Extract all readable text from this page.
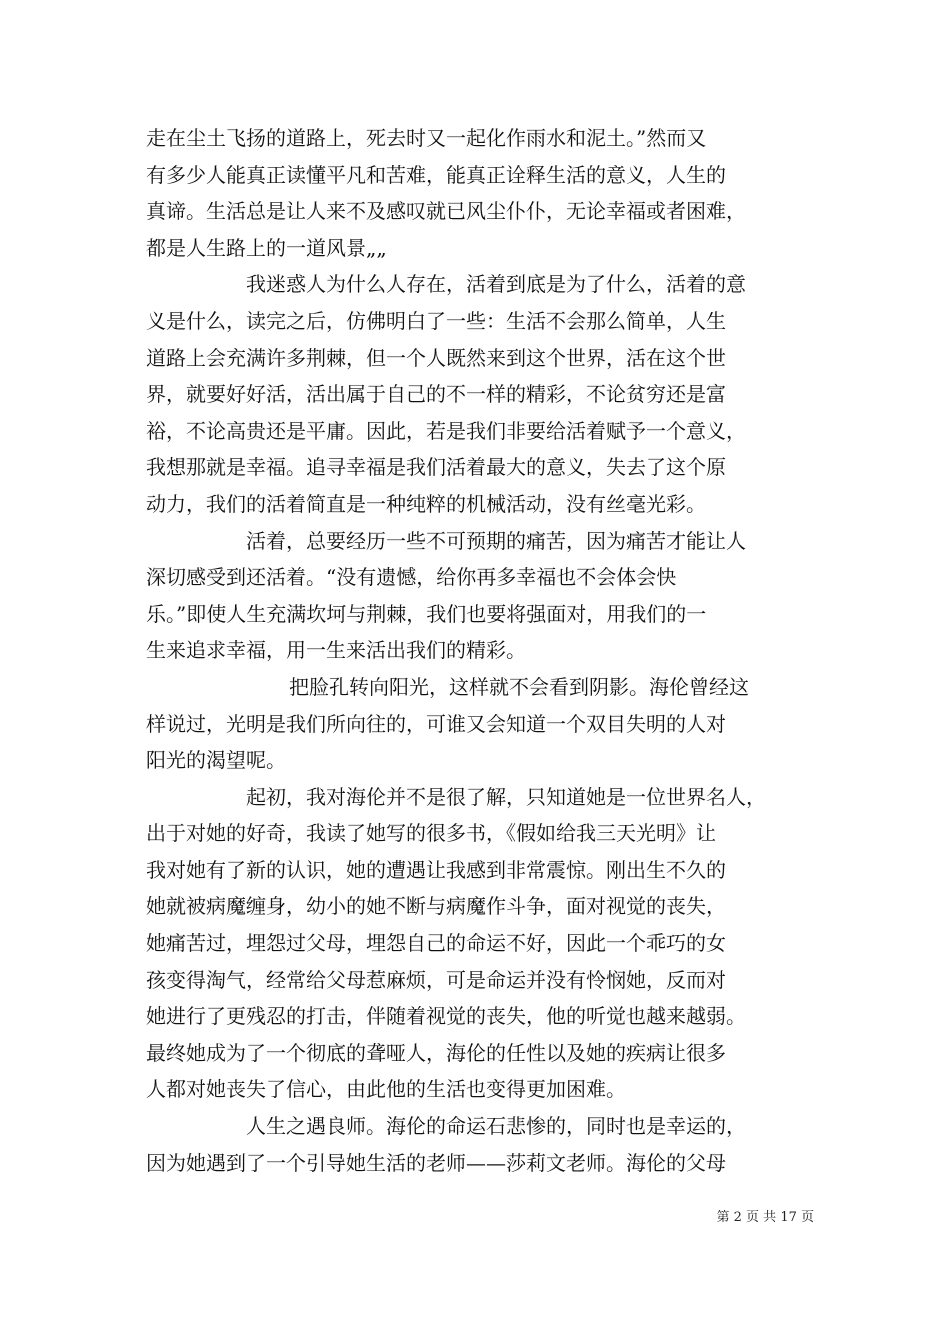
走在尘土飞扬的道路上，死去时又一起化作雨水和泥土。”然而又
有多少人能真正读懂平凡和苦难，能真正诠释生活的意义，人生的
真谛。生活总是让人来不及感叹就已风尘仆仆，无论幸福或者困难，
都是人生路上的一道风景„„
我迷惑人为什么人存在，活着到底是为了什么，活着的意
义是什么，读完之后，仿佛明白了一些：生活不会那么简单，人生
道路上会充满许多荆棘，但一个人既然来到这个世界，活在这个世
界，就要好好活，活出属于自己的不一样的精彩，不论贫穷还是富
裕，不论高贵还是平庸。因此，若是我们非要给活着赋予一个意义，
我想那就是幸福。追寻幸福是我们活着最大的意义，失去了这个原
动力，我们的活着简直是一种纯粹的机械活动，没有丝毫光彩。
活着，总要经历一些不可预期的痛苦，因为痛苦才能让人
深切感受到还活着。“没有遗憾，给你再多幸福也不会体会快
乐。”即使人生充满坎坷与荆棘，我们也要将强面对，用我们的一
生来追求幸福，用一生来活出我们的精彩。
把脸孔转向阳光，这样就不会看到阴影。海伦曾经这
样说过，光明是我们所向往的，可谁又会知道一个双目失明的人对
阳光的渴望呢。
起初，我对海伦并不是很了解，只知道她是一位世界名人，
出于对她的好奇，我读了她写的很多书，《假如给我三天光明》让
我对她有了新的认识，她的遭遇让我感到非常震惊。刚出生不久的
她就被病魔缠身，幼小的她不断与病魔作斗争，面对视觉的丧失，
她痛苦过，埋怨过父母，埋怨自己的命运不好，因此一个乖巧的女
孩变得淘气，经常给父母惹麻烦，可是命运并没有怜悯她，反而对
她进行了更残忍的打击，伴随着视觉的丧失，他的听觉也越来越弱。
最终她成为了一个彻底的聋哑人，海伦的任性以及她的疾病让很多
人都对她丧失了信心，由此他的生活也变得更加困难。
人生之遇良师。海伦的命运石悲惨的，同时也是幸运的，
因为她遇到了一个引导她生活的老师——莎莉文老师。海伦的父母
第 2 页 共 17 页
